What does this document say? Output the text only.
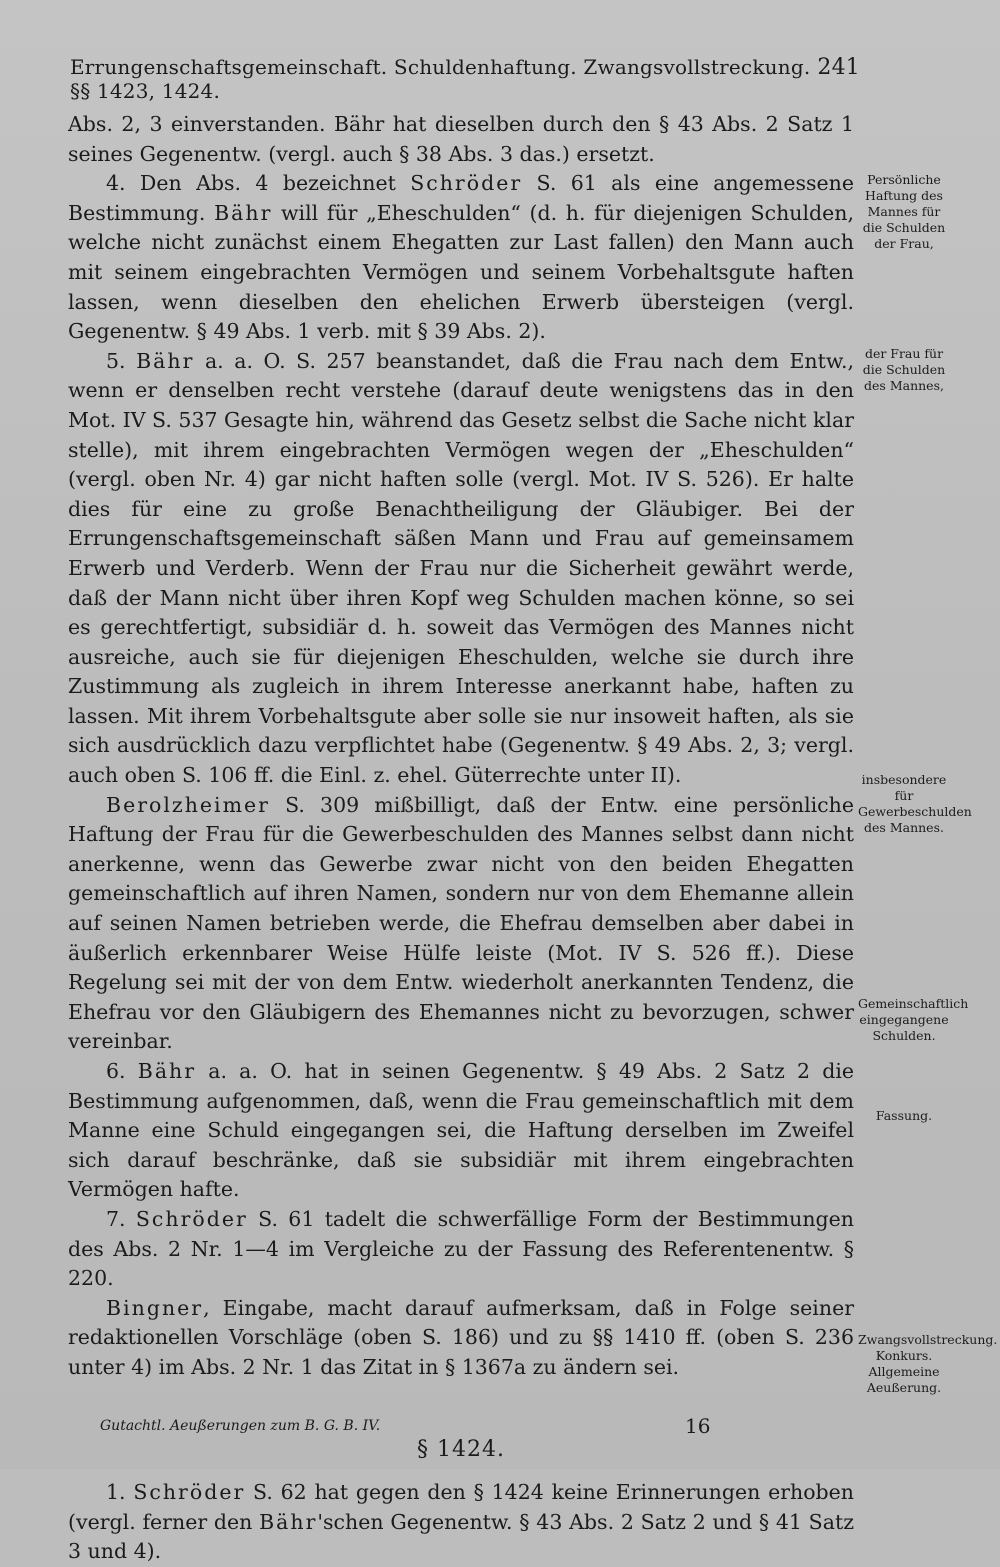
Errungenschaftsgemeinschaft. Schuldenhaftung. Zwangsvollstreckung. §§ 1423, 1424.
241

Abs. 2, 3 einverstanden. Bähr hat dieselben durch den § 43 Abs. 2 Satz 1 seines Gegenentw. (vergl. auch § 38 Abs. 3 das.) ersetzt.

4. Den Abs. 4 bezeichnet Schröder S. 61 als eine angemessene Bestimmung. Bähr will für „Eheschulden“ (d. h. für diejenigen Schulden, welche nicht zunächst einem Ehegatten zur Last fallen) den Mann auch mit seinem eingebrachten Vermögen und seinem Vorbehaltsgute haften lassen, wenn dieselben den ehelichen Erwerb übersteigen (vergl. Gegenentw. § 49 Abs. 1 verb. mit § 39 Abs. 2).

5. Bähr a. a. O. S. 257 beanstandet, daß die Frau nach dem Entw., wenn er denselben recht verstehe (darauf deute wenigstens das in den Mot. IV S. 537 Gesagte hin, während das Gesetz selbst die Sache nicht klar stelle), mit ihrem eingebrachten Vermögen wegen der „Eheschulden“ (vergl. oben Nr. 4) gar nicht haften solle (vergl. Mot. IV S. 526). Er halte dies für eine zu große Benachtheiligung der Gläubiger. Bei der Errungenschaftsgemeinschaft säßen Mann und Frau auf gemeinsamem Erwerb und Verderb. Wenn der Frau nur die Sicherheit gewährt werde, daß der Mann nicht über ihren Kopf weg Schulden machen könne, so sei es gerechtfertigt, subsidiär d. h. soweit das Vermögen des Mannes nicht ausreiche, auch sie für diejenigen Eheschulden, welche sie durch ihre Zustimmung als zugleich in ihrem Interesse anerkannt habe, haften zu lassen. Mit ihrem Vorbehaltsgute aber solle sie nur insoweit haften, als sie sich ausdrücklich dazu verpflichtet habe (Gegenentw. § 49 Abs. 2, 3; vergl. auch oben S. 106 ff. die Einl. z. ehel. Güterrechte unter II).

Berolzheimer S. 309 mißbilligt, daß der Entw. eine persönliche Haftung der Frau für die Gewerbeschulden des Mannes selbst dann nicht anerkenne, wenn das Gewerbe zwar nicht von den beiden Ehegatten gemeinschaftlich auf ihren Namen, sondern nur von dem Ehemanne allein auf seinen Namen betrieben werde, die Ehefrau demselben aber dabei in äußerlich erkennbarer Weise Hülfe leiste (Mot. IV S. 526 ff.). Diese Regelung sei mit der von dem Entw. wiederholt anerkannten Tendenz, die Ehefrau vor den Gläubigern des Ehemannes nicht zu bevorzugen, schwer vereinbar.

6. Bähr a. a. O. hat in seinen Gegenentw. § 49 Abs. 2 Satz 2 die Bestimmung aufgenommen, daß, wenn die Frau gemeinschaftlich mit dem Manne eine Schuld eingegangen sei, die Haftung derselben im Zweifel sich darauf beschränke, daß sie subsidiär mit ihrem eingebrachten Vermögen hafte.

7. Schröder S. 61 tadelt die schwerfällige Form der Bestimmungen des Abs. 2 Nr. 1—4 im Vergleiche zu der Fassung des Referentenentw. § 220.

Bingner, Eingabe, macht darauf aufmerksam, daß in Folge seiner redaktionellen Vorschläge (oben S. 186) und zu §§ 1410 ff. (oben S. 236 unter 4) im Abs. 2 Nr. 1 das Zitat in § 1367a zu ändern sei.

§ 1424.

1. Schröder S. 62 hat gegen den § 1424 keine Erinnerungen erhoben (vergl. ferner den Bähr'schen Gegenentw. § 43 Abs. 2 Satz 2 und § 41 Satz 3 und 4).

Persönliche Haftung des Mannes für die Schulden der Frau,
der Frau für die Schulden des Mannes,
insbesondere für Gewerbeschulden des Mannes.
Gemeinschaftlich eingegangene Schulden.
Fassung.
Zwangsvollstreckung. Konkurs. Allgemeine Aeußerung.
Gutachtl. Aeußerungen zum B. G. B. IV.	16
